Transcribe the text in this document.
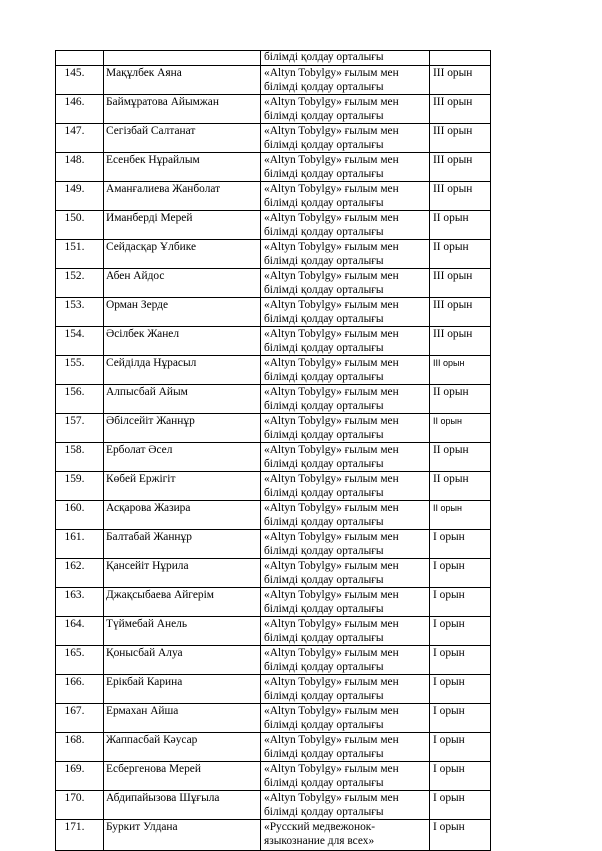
		білімді қолдау орталығы	

145.	Мақұлбек Аяна	«Altyn Tobylgy» ғылым мен
білімді қолдау орталығы	III орын
146.	Баймұратова Айымжан	«Altyn Tobylgy» ғылым мен
білімді қолдау орталығы	III орын
147.	Сегізбай Салтанат	«Altyn Tobylgy» ғылым мен
білімді қолдау орталығы	III орын
148.	Есенбек Нұрайлым	«Altyn Tobylgy» ғылым мен
білімді қолдау орталығы	III орын
149.	Аманғалиева Жанболат	«Altyn Tobylgy» ғылым мен
білімді қолдау орталығы	III орын
150.	Иманберді Мерей	«Altyn Tobylgy» ғылым мен
білімді қолдау орталығы	II орын
151.	Сейдасқар Ұлбике	«Altyn Tobylgy» ғылым мен
білімді қолдау орталығы	II орын
152.	Абен Айдос	«Altyn Tobylgy» ғылым мен
білімді қолдау орталығы	III орын
153.	Орман Зерде	«Altyn Tobylgy» ғылым мен
білімді қолдау орталығы	III орын
154.	Әсілбек Жанел	«Altyn Tobylgy» ғылым мен
білімді қолдау орталығы	III орын
155.	Сейділда Нұрасыл	«Altyn Tobylgy» ғылым мен
білімді қолдау орталығы	III орын
156.	Алпысбай Айым	«Altyn Tobylgy» ғылым мен
білімді қолдау орталығы	II орын
157.	Әбілсейіт Жаннұр	«Altyn Tobylgy» ғылым мен
білімді қолдау орталығы	II орын
158.	Ерболат Әсел	«Altyn Tobylgy» ғылым мен
білімді қолдау орталығы	II орын
159.	Көбей Ержігіт	«Altyn Tobylgy» ғылым мен
білімді қолдау орталығы	II орын
160.	Асқарова Жазира	«Altyn Tobylgy» ғылым мен
білімді қолдау орталығы	II орын
161.	Балтабай Жаннұр	«Altyn Tobylgy» ғылым мен
білімді қолдау орталығы	I орын
162.	Қансейіт Нұрила	«Altyn Tobylgy» ғылым мен
білімді қолдау орталығы	I орын
163.	Джақсыбаева Айгерім	«Altyn Tobylgy» ғылым мен
білімді қолдау орталығы	I орын
164.	Түймебай Анель	«Altyn Tobylgy» ғылым мен
білімді қолдау орталығы	I орын
165.	Қонысбай Алуа	«Altyn Tobylgy» ғылым мен
білімді қолдау орталығы	I орын
166.	Ерікбай Карина	«Altyn Tobylgy» ғылым мен
білімді қолдау орталығы	I орын
167.	Ермахан Айша	«Altyn Tobylgy» ғылым мен
білімді қолдау орталығы	I орын
168.	Жаппасбай Кәусар	«Altyn Tobylgy» ғылым мен
білімді қолдау орталығы	I орын
169.	Есбергенова Мерей	«Altyn Tobylgy» ғылым мен
білімді қолдау орталығы	I орын
170.	Абдипайызова Шұғыла	«Altyn Tobylgy» ғылым мен
білімді қолдау орталығы	I орын
171.	Буркит Улдана	«Русский медвежонок-
языкознание для всех»	I орын
